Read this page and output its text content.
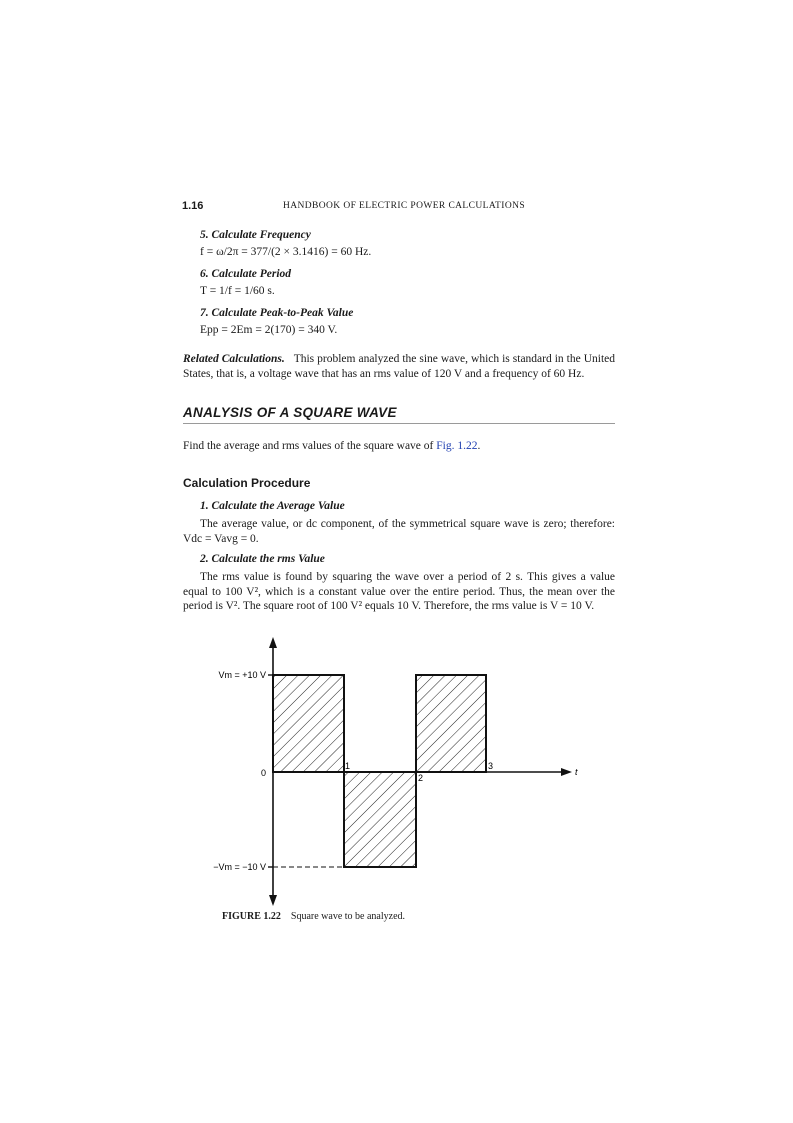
1.16	HANDBOOK OF ELECTRIC POWER CALCULATIONS
5. Calculate Frequency
f = ω/2π = 377/(2 × 3.1416) = 60 Hz.
6. Calculate Period
T = 1/f = 1/60 s.
7. Calculate Peak-to-Peak Value
Epp = 2Em = 2(170) = 340 V.
Related Calculations. This problem analyzed the sine wave, which is standard in the United States, that is, a voltage wave that has an rms value of 120 V and a frequency of 60 Hz.
ANALYSIS OF A SQUARE WAVE
Find the average and rms values of the square wave of Fig. 1.22.
Calculation Procedure
1. Calculate the Average Value
The average value, or dc component, of the symmetrical square wave is zero; therefore: Vdc = Vavg = 0.
2. Calculate the rms Value
The rms value is found by squaring the wave over a period of 2 s. This gives a value equal to 100 V², which is a constant value over the entire period. Thus, the mean over the period is V². The square root of 100 V² equals 10 V. Therefore, the rms value is V = 10 V.
Vm = +10 V
0
−Vm = −10 V
1
2
3
t
FIGURE 1.22 Square wave to be analyzed.
